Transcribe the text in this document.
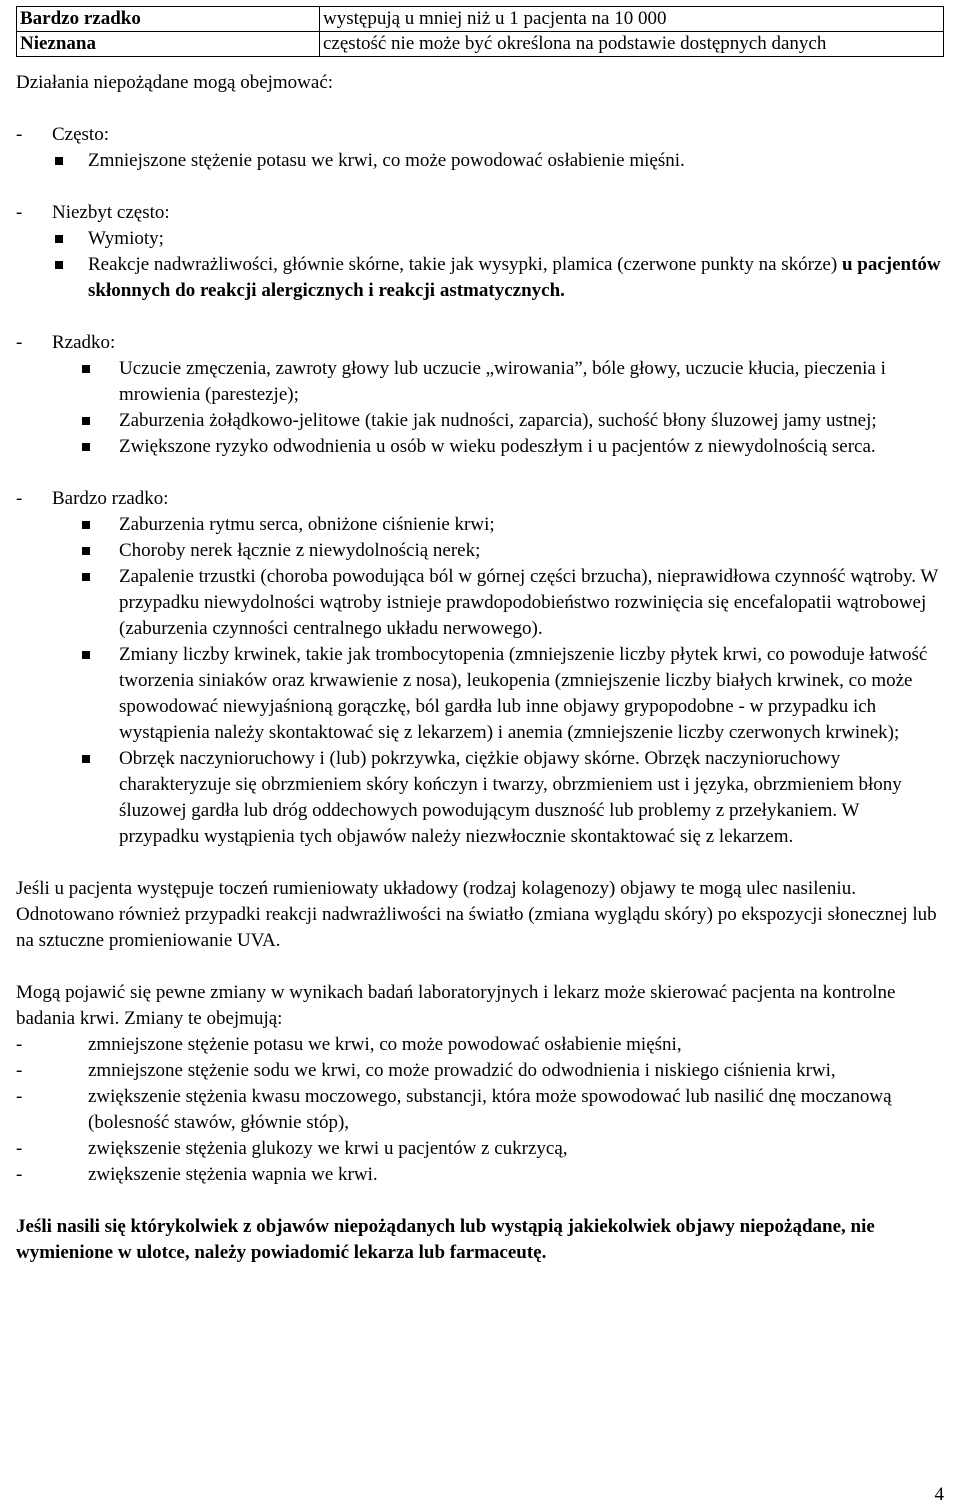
Bardzo rzadko	występują u mniej niż u 1 pacjenta na 10 000
Nieznana	częstość nie może być określona na podstawie dostępnych danych

Działania niepożądane mogą obejmować:

-	Często:
Zmniejszone stężenie potasu we krwi, co może powodować osłabienie mięśni.
-	Niezbyt często:
Wymioty;
Reakcje nadwrażliwości, głównie skórne, takie jak wysypki, plamica (czerwone punkty na skórze) u pacjentów skłonnych do reakcji alergicznych i reakcji astmatycznych.
-	Rzadko:
Uczucie zmęczenia, zawroty głowy lub uczucie „wirowania”, bóle głowy, uczucie kłucia, pieczenia i mrowienia (parestezje);
Zaburzenia żołądkowo-jelitowe (takie jak nudności, zaparcia), suchość błony śluzowej jamy ustnej;
Zwiększone ryzyko odwodnienia u osób w wieku podeszłym i u pacjentów z niewydolnością serca.
-	Bardzo rzadko:
Zaburzenia rytmu serca, obniżone ciśnienie krwi;
Choroby nerek łącznie z niewydolnością nerek;
Zapalenie trzustki (choroba powodująca ból w górnej części brzucha), nieprawidłowa czynność wątroby. W przypadku niewydolności wątroby istnieje prawdopodobieństwo rozwinięcia się encefalopatii wątrobowej (zaburzenia czynności centralnego układu nerwowego).
Zmiany liczby krwinek, takie jak trombocytopenia (zmniejszenie liczby płytek krwi, co powoduje łatwość tworzenia siniaków oraz krwawienie z nosa), leukopenia (zmniejszenie liczby białych krwinek, co może spowodować niewyjaśnioną gorączkę, ból gardła lub inne objawy grypopodobne - w przypadku ich wystąpienia należy skontaktować się z lekarzem) i anemia (zmniejszenie liczby czerwonych krwinek);
Obrzęk naczynioruchowy i (lub) pokrzywka, ciężkie objawy skórne. Obrzęk naczynioruchowy charakteryzuje się obrzmieniem skóry kończyn i twarzy, obrzmieniem ust i języka, obrzmieniem błony śluzowej gardła lub dróg oddechowych powodującym duszność lub problemy z przełykaniem. W przypadku wystąpienia tych objawów należy niezwłocznie skontaktować się z lekarzem.

Jeśli u pacjenta występuje toczeń rumieniowaty układowy (rodzaj kolagenozy) objawy te mogą ulec nasileniu. Odnotowano również przypadki reakcji nadwrażliwości na światło (zmiana wyglądu skóry) po ekspozycji słonecznej lub na sztuczne promieniowanie UVA.

Mogą pojawić się pewne zmiany w wynikach badań laboratoryjnych i lekarz może skierować pacjenta na kontrolne badania krwi. Zmiany te obejmują:

-	zmniejszone stężenie potasu we krwi, co może powodować osłabienie mięśni,
-	zmniejszone stężenie sodu we krwi, co może prowadzić do odwodnienia i niskiego ciśnienia krwi,
-	zwiększenie stężenia kwasu moczowego, substancji, która może spowodować lub nasilić dnę moczanową (bolesność stawów, głównie stóp),
-	zwiększenie stężenia glukozy we krwi u pacjentów z cukrzycą,
-	zwiększenie stężenia wapnia we krwi.

Jeśli nasili się którykolwiek z objawów niepożądanych lub wystąpią jakiekolwiek objawy niepożądane, nie wymienione w ulotce, należy powiadomić lekarza lub farmaceutę.

4
